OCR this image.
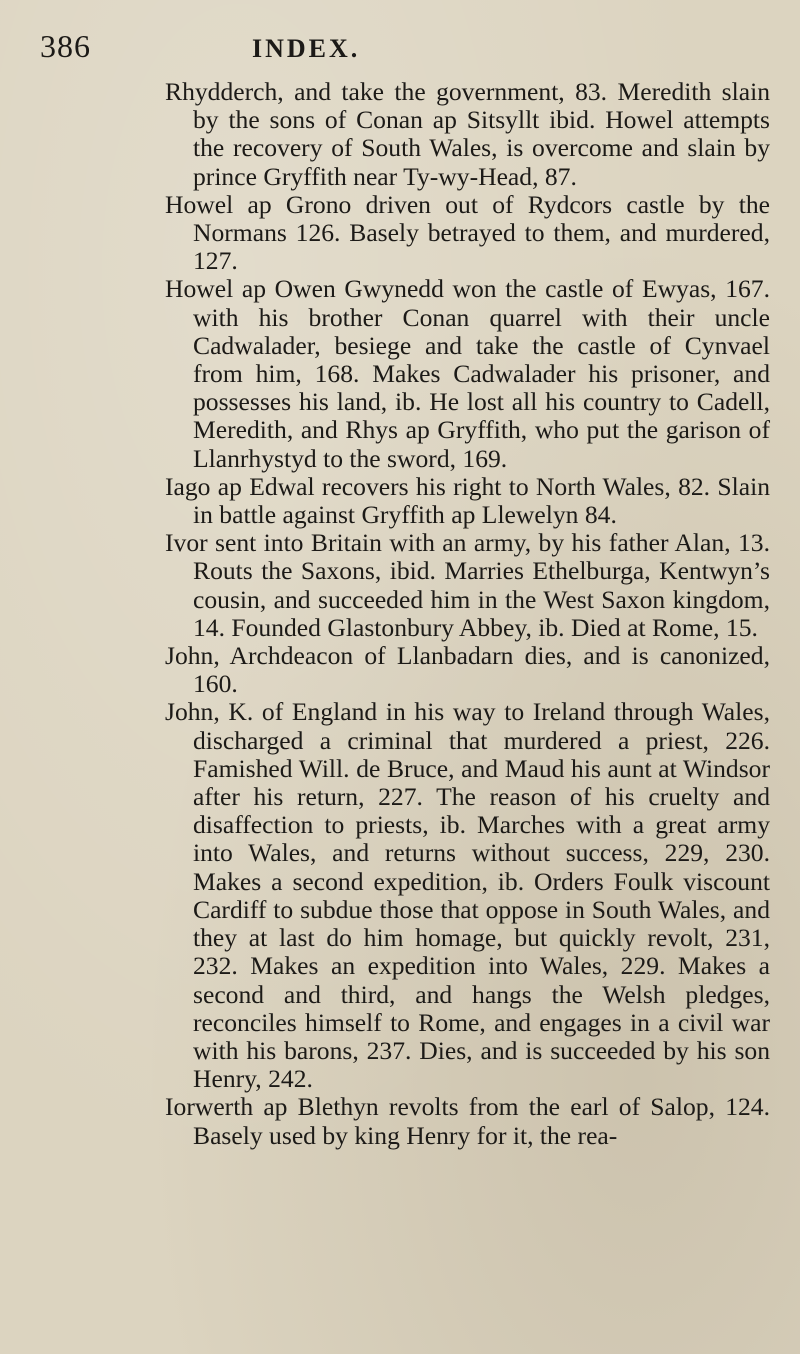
386	INDEX.

Rhydderch, and take the government, 83. Meredith slain by the sons of Conan ap Sitsyllt ibid. Howel attempts the recovery of South Wales, is overcome and slain by prince Gryffith near Ty-wy-Head, 87.

Howel ap Grono driven out of Rydcors castle by the Normans 126. Basely betrayed to them, and murdered, 127.

Howel ap Owen Gwynedd won the castle of Ewyas, 167. with his brother Conan quarrel with their uncle Cadwalader, besiege and take the castle of Cynvael from him, 168. Makes Cadwalader his prisoner, and possesses his land, ib. He lost all his country to Cadell, Meredith, and Rhys ap Gryffith, who put the garison of Llanrhystyd to the sword, 169.

Iago ap Edwal recovers his right to North Wales, 82. Slain in battle against Gryffith ap Llewelyn 84.

Ivor sent into Britain with an army, by his father Alan, 13. Routs the Saxons, ibid. Marries Ethelburga, Kentwyn’s cousin, and succeeded him in the West Saxon kingdom, 14. Founded Glastonbury Abbey, ib. Died at Rome, 15.

John, Archdeacon of Llanbadarn dies, and is canonized, 160.

John, K. of England in his way to Ireland through Wales, discharged a criminal that murdered a priest, 226. Famished Will. de Bruce, and Maud his aunt at Windsor after his return, 227. The reason of his cruelty and disaffection to priests, ib. Marches with a great army into Wales, and returns without success, 229, 230. Makes a second expedition, ib. Orders Foulk viscount Cardiff to subdue those that oppose in South Wales, and they at last do him homage, but quickly revolt, 231, 232. Makes an expedition into Wales, 229. Makes a second and third, and hangs the Welsh pledges, reconciles himself to Rome, and engages in a civil war with his barons, 237. Dies, and is succeeded by his son Henry, 242.

Iorwerth ap Blethyn revolts from the earl of Salop, 124. Basely used by king Henry for it, the rea-
